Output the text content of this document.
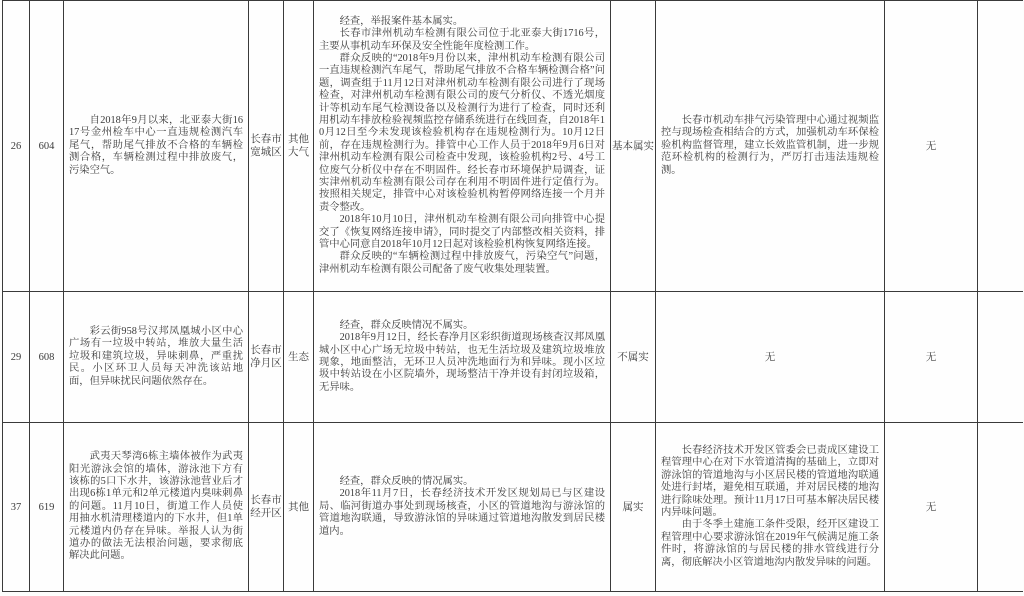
26 604

自2018年9月以来，北亚泰大街1617号金州检车中心一直违规检测汽车尾气，帮助尾气排放不合格的车辆检测合格，车辆检测过程中排放废气，污染空气。

长春市宽城区
其他大气

经查，举报案件基本属实。

长春市津州机动车检测有限公司位于北亚泰大街1716号，主要从事机动车环保及安全性能年度检测工作。

群众反映的“2018年9月份以来，津州机动车检测有限公司一直违规检测汽车尾气，帮助尾气排放不合格车辆检测合格”问题，调查组于11月12日对津州机动车检测有限公司进行了现场检查，对津州机动车检测有限公司的废气分析仪、不透光烟度计等机动车尾气检测设备以及检测行为进行了检查，同时还利用机动车排放检验视频监控存储系统进行在线回查，自2018年10月12日至今未发现该检验机构存在违规检测行为。10月12日前，存在违规检测行为。排管中心工作人员于2018年9月6日对津州机动车检测有限公司检查中发现，该检验机构2号、4号工位废气分析仪中存在不明固件。经长春市环境保护局调查，证实津州机动车检测有限公司存在利用不明固件进行定值行为。按照相关规定，排管中心对该检验机构暂停网络连接一个月并责令整改。

2018年10月10日，津州机动车检测有限公司向排管中心提交了《恢复网络连接申请》，同时提交了内部整改相关资料，排管中心同意自2018年10月12日起对该检验机构恢复网络连接。

群众反映的“车辆检测过程中排放废气，污染空气”问题，津州机动车检测有限公司配备了废气收集处理装置。

基本属实

长春市机动车排气污染管理中心通过视频监控与现场检查相结合的方式，加强机动车环保检验机构监督管理，建立长效监管机制，进一步规范环检机构的检测行为，严厉打击违法违规检测。

无
29 608

彩云街958号汉邦凤凰城小区中心广场有一垃圾中转站，堆放大量生活垃圾和建筑垃圾，异味刺鼻，严重扰民。小区环卫人员每天冲洗该站地面，但异味扰民问题依然存在。

长春市净月区
生态

经查，群众反映情况不属实。

2018年9月12日，经长春净月区彩织街道现场核查汉邦凤凰城小区中心广场无垃圾中转站，也无生活垃圾及建筑垃圾堆放现象，地面整洁，无环卫人员冲洗地面行为和异味。现小区垃圾中转站设在小区院墙外，现场整洁干净并设有封闭垃圾箱，无异味。

不属实	无	无
37 619

武夷天琴湾6栋主墙体被作为武夷阳光游泳会馆的墙体，游泳池下方有该栋的5口下水井，该游泳池营业后才出现6栋1单元和2单元楼道内臭味刺鼻的问题。11月10日，街道工作人员使用抽水机清理楼道内的下水井，但1单元楼道内仍存在异味。举报人认为街道办的做法无法根治问题，要求彻底解决此问题。

长春市经开区
其他

经查，群众反映的情况属实。

2018年11月7日，长春经济技术开发区规划局已与区建设局、临河街道办事处到现场核查，小区的管道地沟与游泳馆的管道地沟联通，导致游泳馆的异味通过管道地沟散发到居民楼道内。

属实

长春经济技术开发区管委会已责成区建设工程管理中心在对下水管道清掏的基础上，立即对游泳馆的管道地沟与小区居民楼的管道地沟联通处进行封堵，避免相互联通，并对居民楼的地沟进行除味处理。预计11月17日可基本解决居民楼内异味问题。

由于冬季土建施工条件受限，经开区建设工程管理中心要求游泳馆在2019年气候满足施工条件时，将游泳馆的与居民楼的排水管线进行分离，彻底解决小区管道地沟内散发异味的问题。

无
